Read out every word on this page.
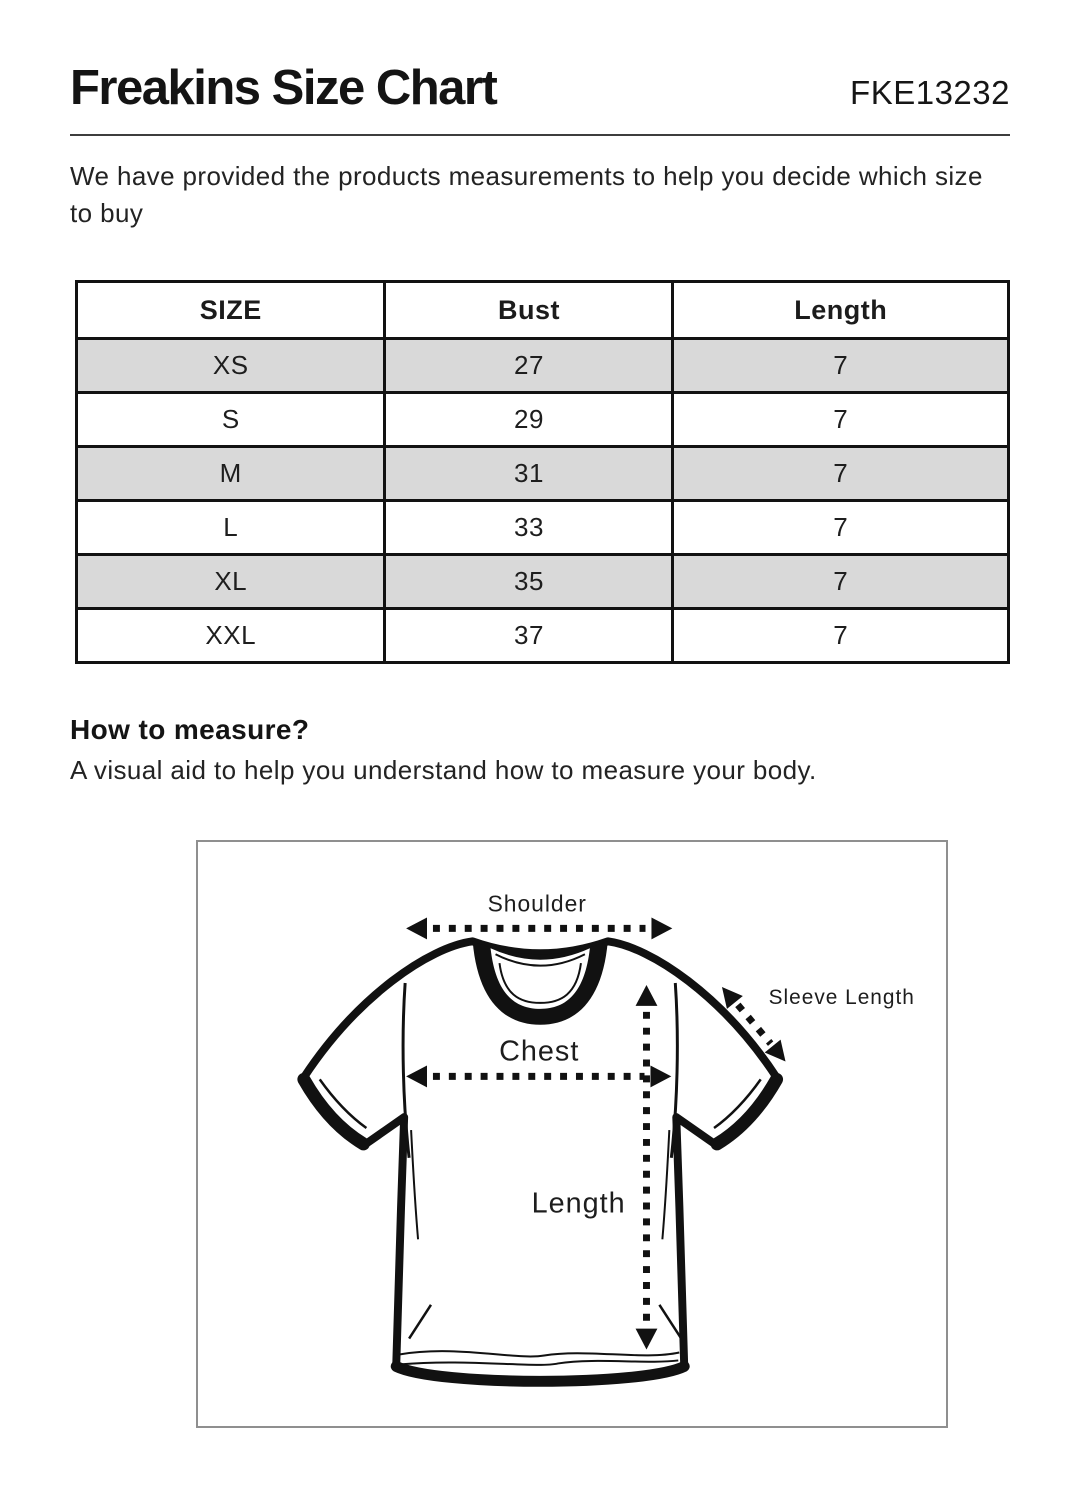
Freakins Size Chart	FKE13232

We have provided the products measurements to help you decide which size to buy

SIZE	Bust	Length
XS	27	7
S	29	7
M	31	7
L	33	7
XL	35	7
XXL	37	7
How to measure?

A visual aid to help you understand how to measure your body.

Shoulder
Sleeve Length
Chest
Length
